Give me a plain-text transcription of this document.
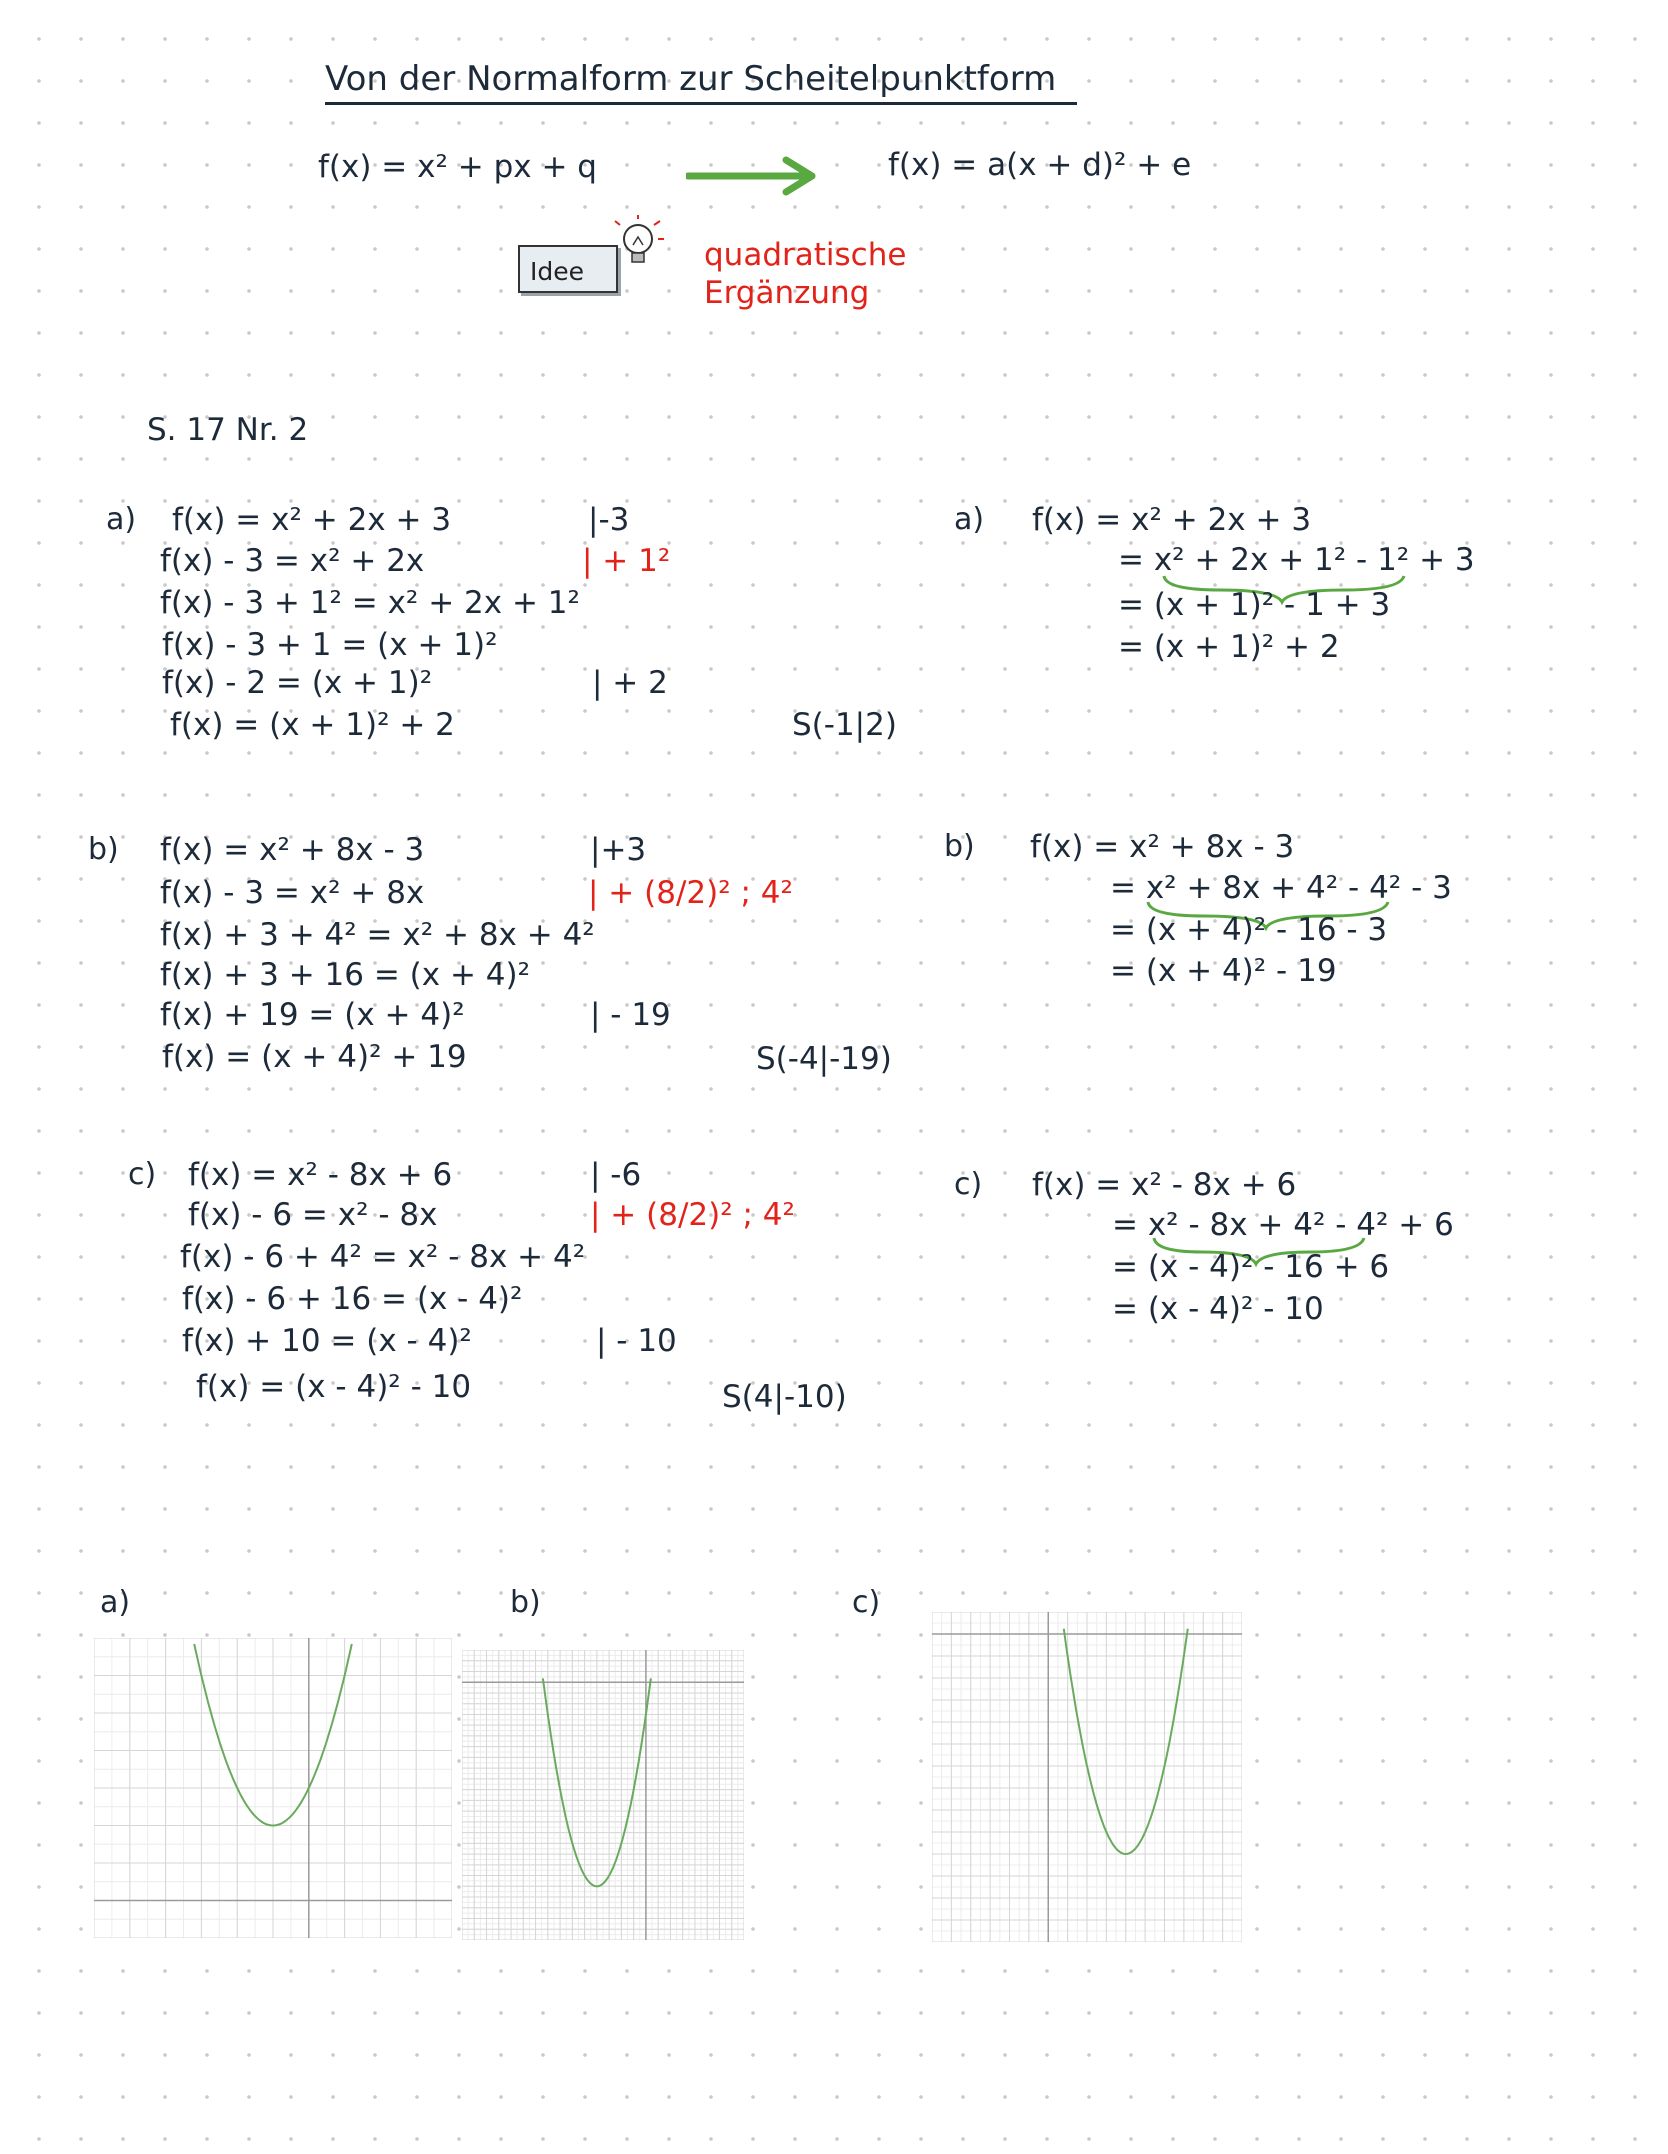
Von der Normalform zur Scheitelpunktform
f(x) = x² + px + q	f(x) = a(x + d)² + e
Idee	quadratische
Ergänzung
S. 17 Nr. 2
a) f(x) = x² + 2x + 3	|-3
f(x) - 3 = x² + 2x	| + 1²
f(x) - 3 + 1² = x² + 2x + 1²
f(x) - 3 + 1 = (x + 1)²
f(x) - 2 = (x + 1)²	| + 2
f(x) = (x + 1)² + 2	S(-1|2)
b) f(x) = x² + 8x - 3	|+3
f(x) - 3 = x² + 8x	| + (8/2)² ; 4²
f(x) + 3 + 4² = x² + 8x + 4²
f(x) + 3 + 16 = (x + 4)²
f(x) + 19 = (x + 4)²	| - 19
f(x) = (x + 4)² + 19	S(-4|-19)
c) f(x) = x² - 8x + 6	| -6
f(x) - 6 = x² - 8x	| + (8/2)² ; 4²
f(x) - 6 + 4² = x² - 8x + 4²
f(x) - 6 + 16 = (x - 4)²
f(x) + 10 = (x - 4)²	| - 10
f(x) = (x - 4)² - 10	S(4|-10)
a) f(x) = x² + 2x + 3
= x² + 2x + 1² - 1² + 3
= (x + 1)² - 1 + 3
= (x + 1)² + 2
b) f(x) = x² + 8x - 3
= x² + 8x + 4² - 4² - 3
= (x + 4)² - 16 - 3
= (x + 4)² - 19
c) f(x) = x² - 8x + 6
= x² - 8x + 4² - 4² + 6
= (x - 4)² - 16 + 6
= (x - 4)² - 10
a)	b)	c)
